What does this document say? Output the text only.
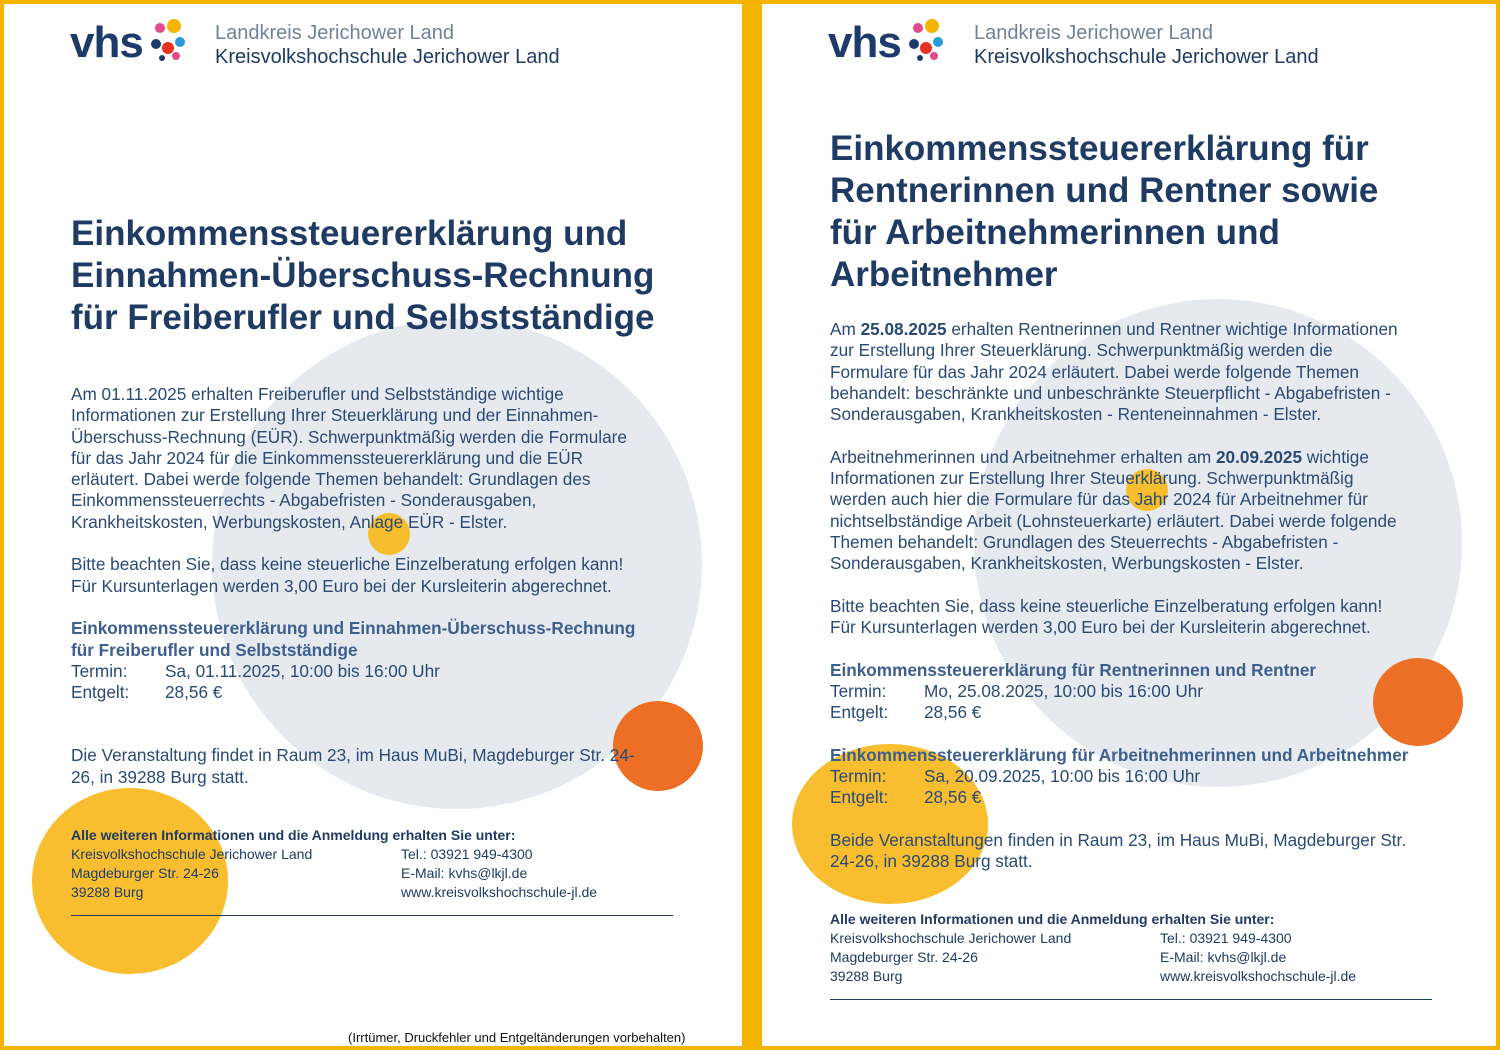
vhs	Landkreis Jerichower Land
Kreisvolkshochschule Jerichower Land
Einkommenssteuererklärung und
Einnahmen-Überschuss-Rechnung
für Freiberufler und Selbstständige

Am 01.11.2025 erhalten Freiberufler und Selbstständige wichtige
Informationen zur Erstellung Ihrer Steuerklärung und der Einnahmen-
Überschuss-Rechnung (EÜR). Schwerpunktmäßig werden die Formulare
für das Jahr 2024 für die Einkommenssteuererklärung und die EÜR
erläutert. Dabei werde folgende Themen behandelt: Grundlagen des
Einkommenssteuerrechts - Abgabefristen - Sonderausgaben,
Krankheitskosten, Werbungskosten, Anlage EÜR - Elster.

Bitte beachten Sie, dass keine steuerliche Einzelberatung erfolgen kann!
Für Kursunterlagen werden 3,00 Euro bei der Kursleiterin abgerechnet.

Einkommenssteuererklärung und Einnahmen-Überschuss-Rechnung
für Freiberufler und Selbstständige
Termin: Sa, 01.11.2025, 10:00 bis 16:00 Uhr
Entgelt: 28,56 €
Die Veranstaltung findet in Raum 23, im Haus MuBi, Magdeburger Str. 24-
26, in 39288 Burg statt.
Alle weiteren Informationen und die Anmeldung erhalten Sie unter:
Kreisvolkshochschule Jerichower Land
Magdeburger Str. 24-26
39288 Burg
Tel.: 03921 949-4300
E-Mail: kvhs@lkjl.de
www.kreisvolkshochschule-jl.de
(Irrtümer, Druckfehler und Entgeltänderungen vorbehalten)
vhs	Landkreis Jerichower Land
Kreisvolkshochschule Jerichower Land
Einkommenssteuererklärung für
Rentnerinnen und Rentner sowie
für Arbeitnehmerinnen und
Arbeitnehmer

Am 25.08.2025 erhalten Rentnerinnen und Rentner wichtige Informationen
zur Erstellung Ihrer Steuerklärung. Schwerpunktmäßig werden die
Formulare für das Jahr 2024 erläutert. Dabei werde folgende Themen
behandelt: beschränkte und unbeschränkte Steuerpflicht - Abgabefristen -
Sonderausgaben, Krankheitskosten - Renteneinnahmen - Elster.

Arbeitnehmerinnen und Arbeitnehmer erhalten am 20.09.2025 wichtige
Informationen zur Erstellung Ihrer Steuerklärung. Schwerpunktmäßig
werden auch hier die Formulare für das Jahr 2024 für Arbeitnehmer für
nichtselbständige Arbeit (Lohnsteuerkarte) erläutert. Dabei werde folgende
Themen behandelt: Grundlagen des Steuerrechts - Abgabefristen -
Sonderausgaben, Krankheitskosten, Werbungskosten - Elster.

Bitte beachten Sie, dass keine steuerliche Einzelberatung erfolgen kann!
Für Kursunterlagen werden 3,00 Euro bei der Kursleiterin abgerechnet.

Einkommenssteuererklärung für Rentnerinnen und Rentner
Termin: Mo, 25.08.2025, 10:00 bis 16:00 Uhr
Entgelt: 28,56 €
Einkommenssteuererklärung für Arbeitnehmerinnen und Arbeitnehmer
Termin: Sa, 20.09.2025, 10:00 bis 16:00 Uhr
Entgelt: 28,56 €
Beide Veranstaltungen finden in Raum 23, im Haus MuBi, Magdeburger Str.
24-26, in 39288 Burg statt.
Alle weiteren Informationen und die Anmeldung erhalten Sie unter:
Kreisvolkshochschule Jerichower Land
Magdeburger Str. 24-26
39288 Burg
Tel.: 03921 949-4300
E-Mail: kvhs@lkjl.de
www.kreisvolkshochschule-jl.de
